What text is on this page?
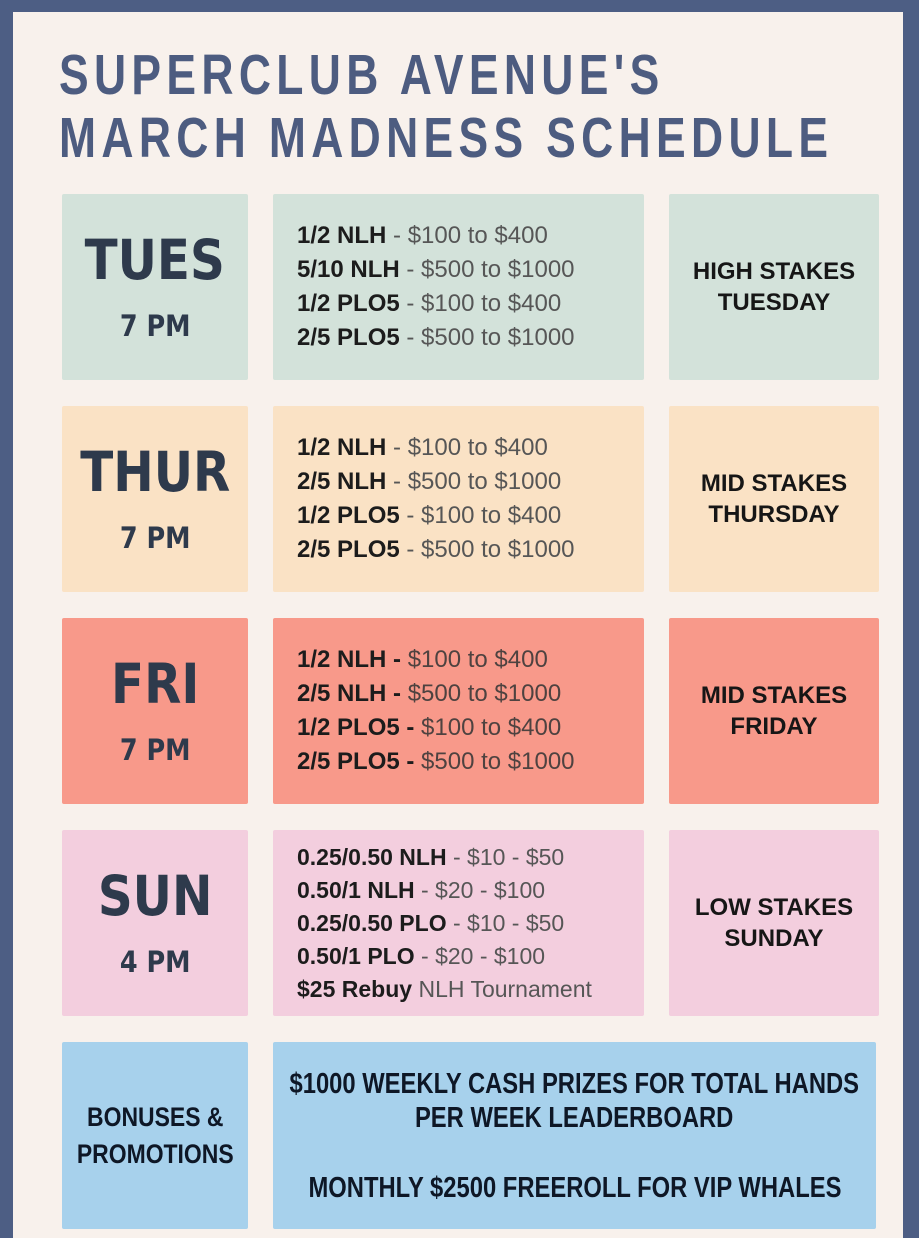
SUPERCLUB AVENUE'S
MARCH MADNESS SCHEDULE
TUES
7 PM
1/2 NLH - $100 to $400
5/10 NLH - $500 to $1000
1/2 PLO5 - $100 to $400
2/5 PLO5 - $500 to $1000
HIGH STAKES
TUESDAY
THUR
7 PM
1/2 NLH - $100 to $400
2/5 NLH - $500 to $1000
1/2 PLO5 - $100 to $400
2/5 PLO5 - $500 to $1000
MID STAKES
THURSDAY
FRI
7 PM
1/2 NLH - $100 to $400
2/5 NLH - $500 to $1000
1/2 PLO5 - $100 to $400
2/5 PLO5 - $500 to $1000
MID STAKES
FRIDAY
SUN
4 PM
0.25/0.50 NLH - $10 - $50
0.50/1 NLH - $20 - $100
0.25/0.50 PLO - $10 - $50
0.50/1 PLO - $20 - $100
$25 Rebuy NLH Tournament
LOW STAKES
SUNDAY
BONUSES &
PROMOTIONS
$1000 WEEKLY CASH PRIZES FOR TOTAL HANDS
PER WEEK LEADERBOARD
MONTHLY $2500 FREEROLL FOR VIP WHALES
